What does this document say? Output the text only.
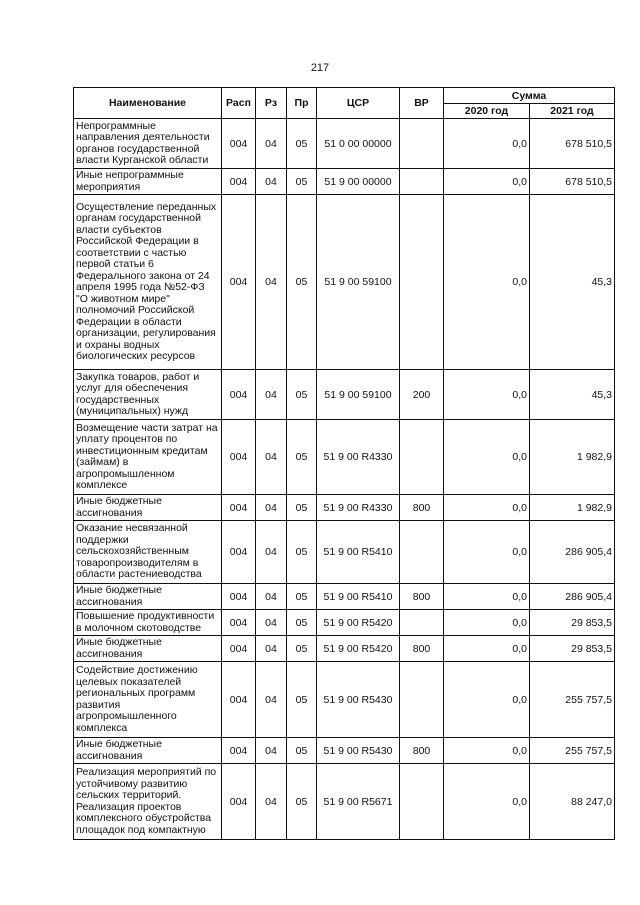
217
Наименование	Расп	Рз	Пр	ЦСР	ВР	Сумма	
						2020 год	2021 год
Непрограммные направления деятельности органов государственной власти Курганской области	004	04	05	51 0 00 00000		0,0	678 510,5
Иные непрограммные мероприятия	004	04	05	51 9 00 00000		0,0	678 510,5
Осуществление переданных органам государственной власти субъектов Российской Федерации в соответствии с частью первой статьи 6 Федерального закона от 24 апреля 1995 года №52-ФЗ "О животном мире" полномочий Российской Федерации в области организации, регулирования и охраны водных биологических ресурсов	004	04	05	51 9 00 59100		0,0	45,3
Закупка товаров, работ и услуг для обеспечения государственных (муниципальных) нужд	004	04	05	51 9 00 59100	200	0,0	45,3
Возмещение части затрат на уплату процентов по инвестиционным кредитам (займам) в агропромышленном комплексе	004	04	05	51 9 00 R4330		0,0	1 982,9
Иные бюджетные ассигнования	004	04	05	51 9 00 R4330	800	0,0	1 982,9
Оказание несвязанной поддержки сельскохозяйственным товаропроизводителям в области растениеводства	004	04	05	51 9 00 R5410		0,0	286 905,4
Иные бюджетные ассигнования	004	04	05	51 9 00 R5410	800	0,0	286 905,4
Повышение продуктивности в молочном скотоводстве	004	04	05	51 9 00 R5420		0,0	29 853,5
Иные бюджетные ассигнования	004	04	05	51 9 00 R5420	800	0,0	29 853,5
Содействие достижению целевых показателей региональных программ развития агропромышленного комплекса	004	04	05	51 9 00 R5430		0,0	255 757,5
Иные бюджетные ассигнования	004	04	05	51 9 00 R5430	800	0,0	255 757,5
Реализация мероприятий по устойчивому развитию сельских территорий. Реализация проектов комплексного обустройства площадок под компактную	004	04	05	51 9 00 R5671		0,0	88 247,0
